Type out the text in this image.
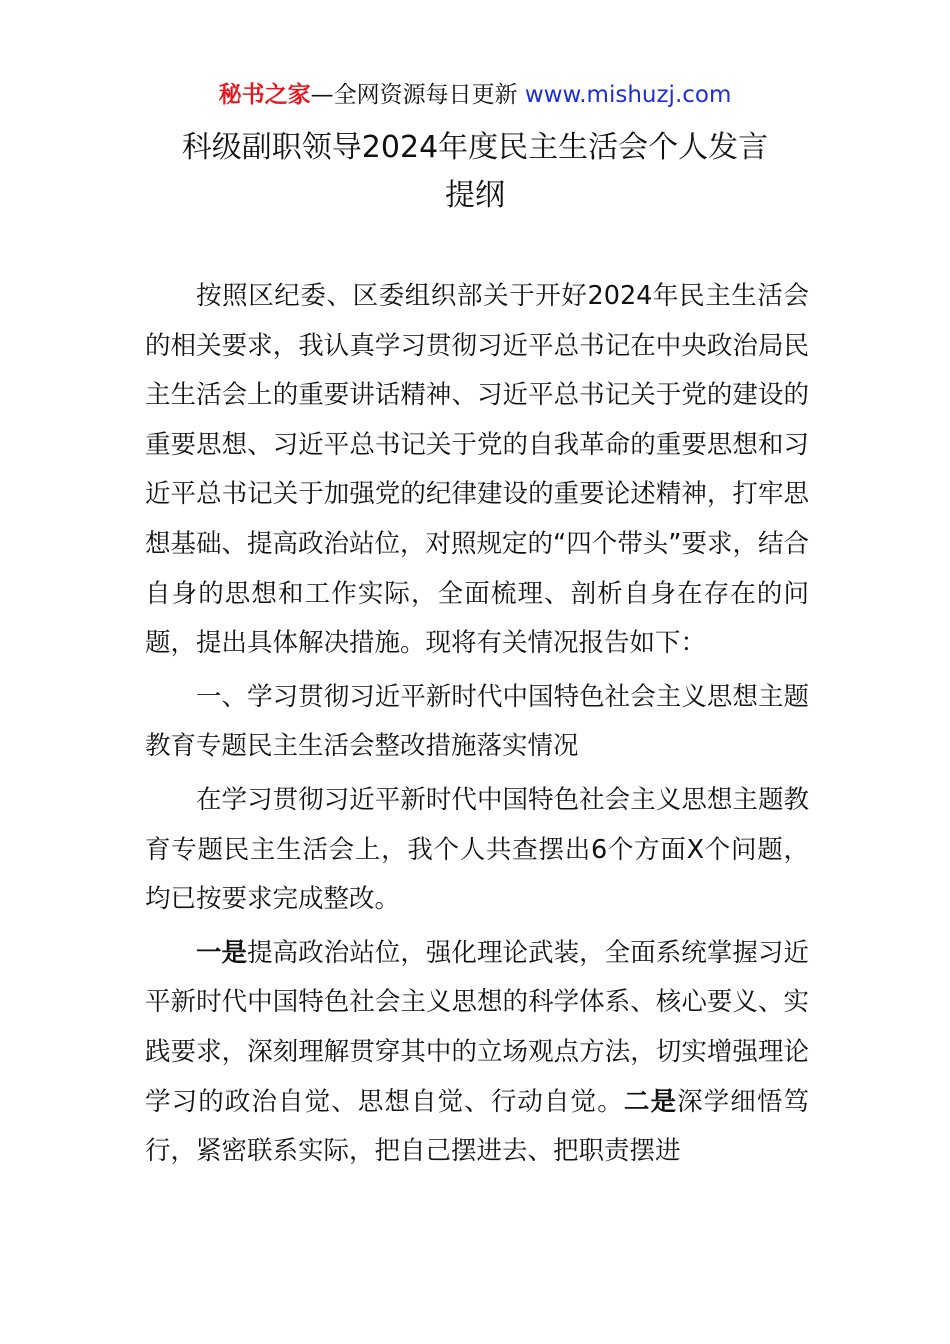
秘书之家—全网资源每日更新 www.mishuzj.com
科级副职领导2024年度民主生活会个人发言
提纲

按照区纪委、区委组织部关于开好2024年民主生活会的相关要求，我认真学习贯彻习近平总书记在中央政治局民主生活会上的重要讲话精神、习近平总书记关于党的建设的重要思想、习近平总书记关于党的自我革命的重要思想和习近平总书记关于加强党的纪律建设的重要论述精神，打牢思想基础、提高政治站位，对照规定的“四个带头”要求，结合自身的思想和工作实际，全面梳理、剖析自身在存在的问题，提出具体解决措施。现将有关情况报告如下：

一、学习贯彻习近平新时代中国特色社会主义思想主题教育专题民主生活会整改措施落实情况

在学习贯彻习近平新时代中国特色社会主义思想主题教育专题民主生活会上，我个人共查摆出6个方面X个问题，均已按要求完成整改。

一是提高政治站位，强化理论武装，全面系统掌握习近平新时代中国特色社会主义思想的科学体系、核心要义、实践要求，深刻理解贯穿其中的立场观点方法，切实增强理论学习的政治自觉、思想自觉、行动自觉。二是深学细悟笃行，紧密联系实际，把自己摆进去、把职责摆进
